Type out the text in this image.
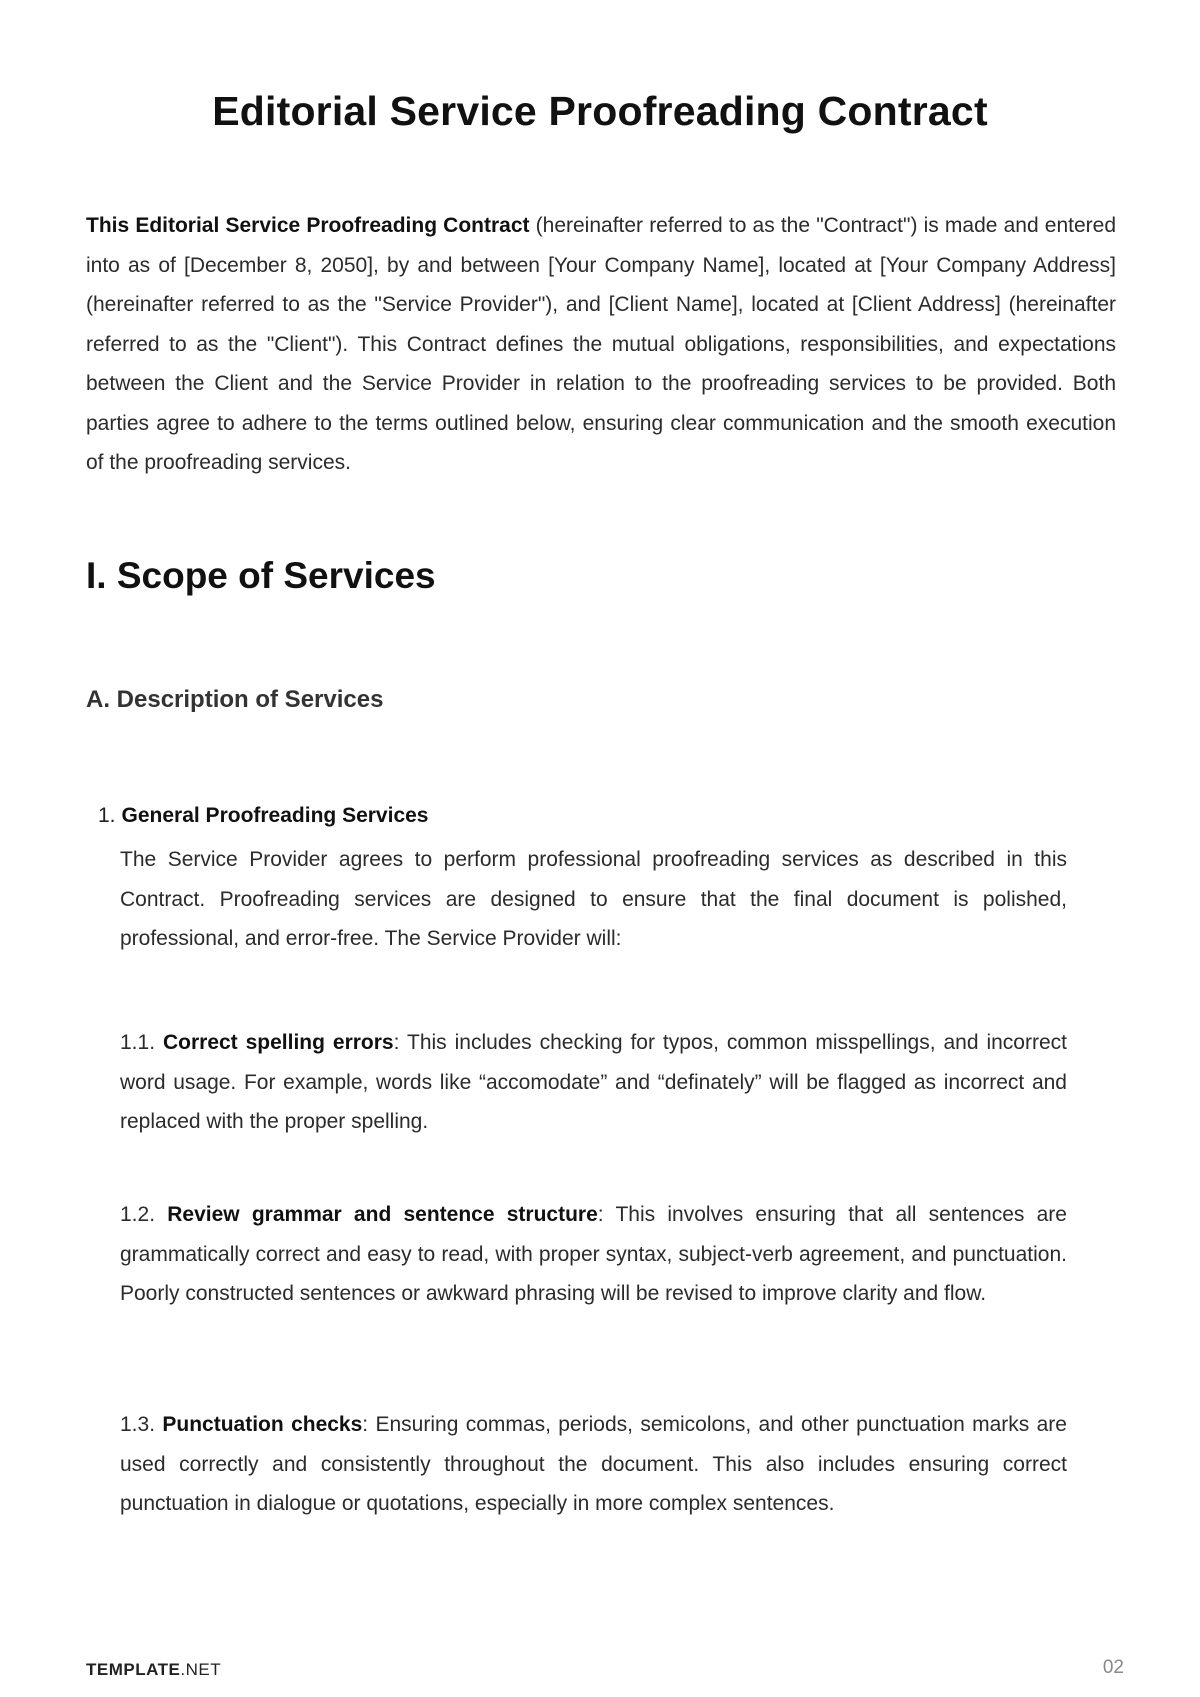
Editorial Service Proofreading Contract

This Editorial Service Proofreading Contract (hereinafter referred to as the "Contract") is made and entered into as of [December 8, 2050], by and between [Your Company Name], located at [Your Company Address] (hereinafter referred to as the "Service Provider"), and [Client Name], located at [Client Address] (hereinafter referred to as the "Client"). This Contract defines the mutual obligations, responsibilities, and expectations between the Client and the Service Provider in relation to the proofreading services to be provided. Both parties agree to adhere to the terms outlined below, ensuring clear communication and the smooth execution of the proofreading services.

I. Scope of Services
A. Description of Services

1. General Proofreading Services

The Service Provider agrees to perform professional proofreading services as described in this Contract. Proofreading services are designed to ensure that the final document is polished, professional, and error-free. The Service Provider will:

1.1. Correct spelling errors: This includes checking for typos, common misspellings, and incorrect word usage. For example, words like “accomodate” and “definately” will be flagged as incorrect and replaced with the proper spelling.

1.2. Review grammar and sentence structure: This involves ensuring that all sentences are grammatically correct and easy to read, with proper syntax, subject-verb agreement, and punctuation. Poorly constructed sentences or awkward phrasing will be revised to improve clarity and flow.

1.3. Punctuation checks: Ensuring commas, periods, semicolons, and other punctuation marks are used correctly and consistently throughout the document. This also includes ensuring correct punctuation in dialogue or quotations, especially in more complex sentences.

TEMPLATE.NET	02
